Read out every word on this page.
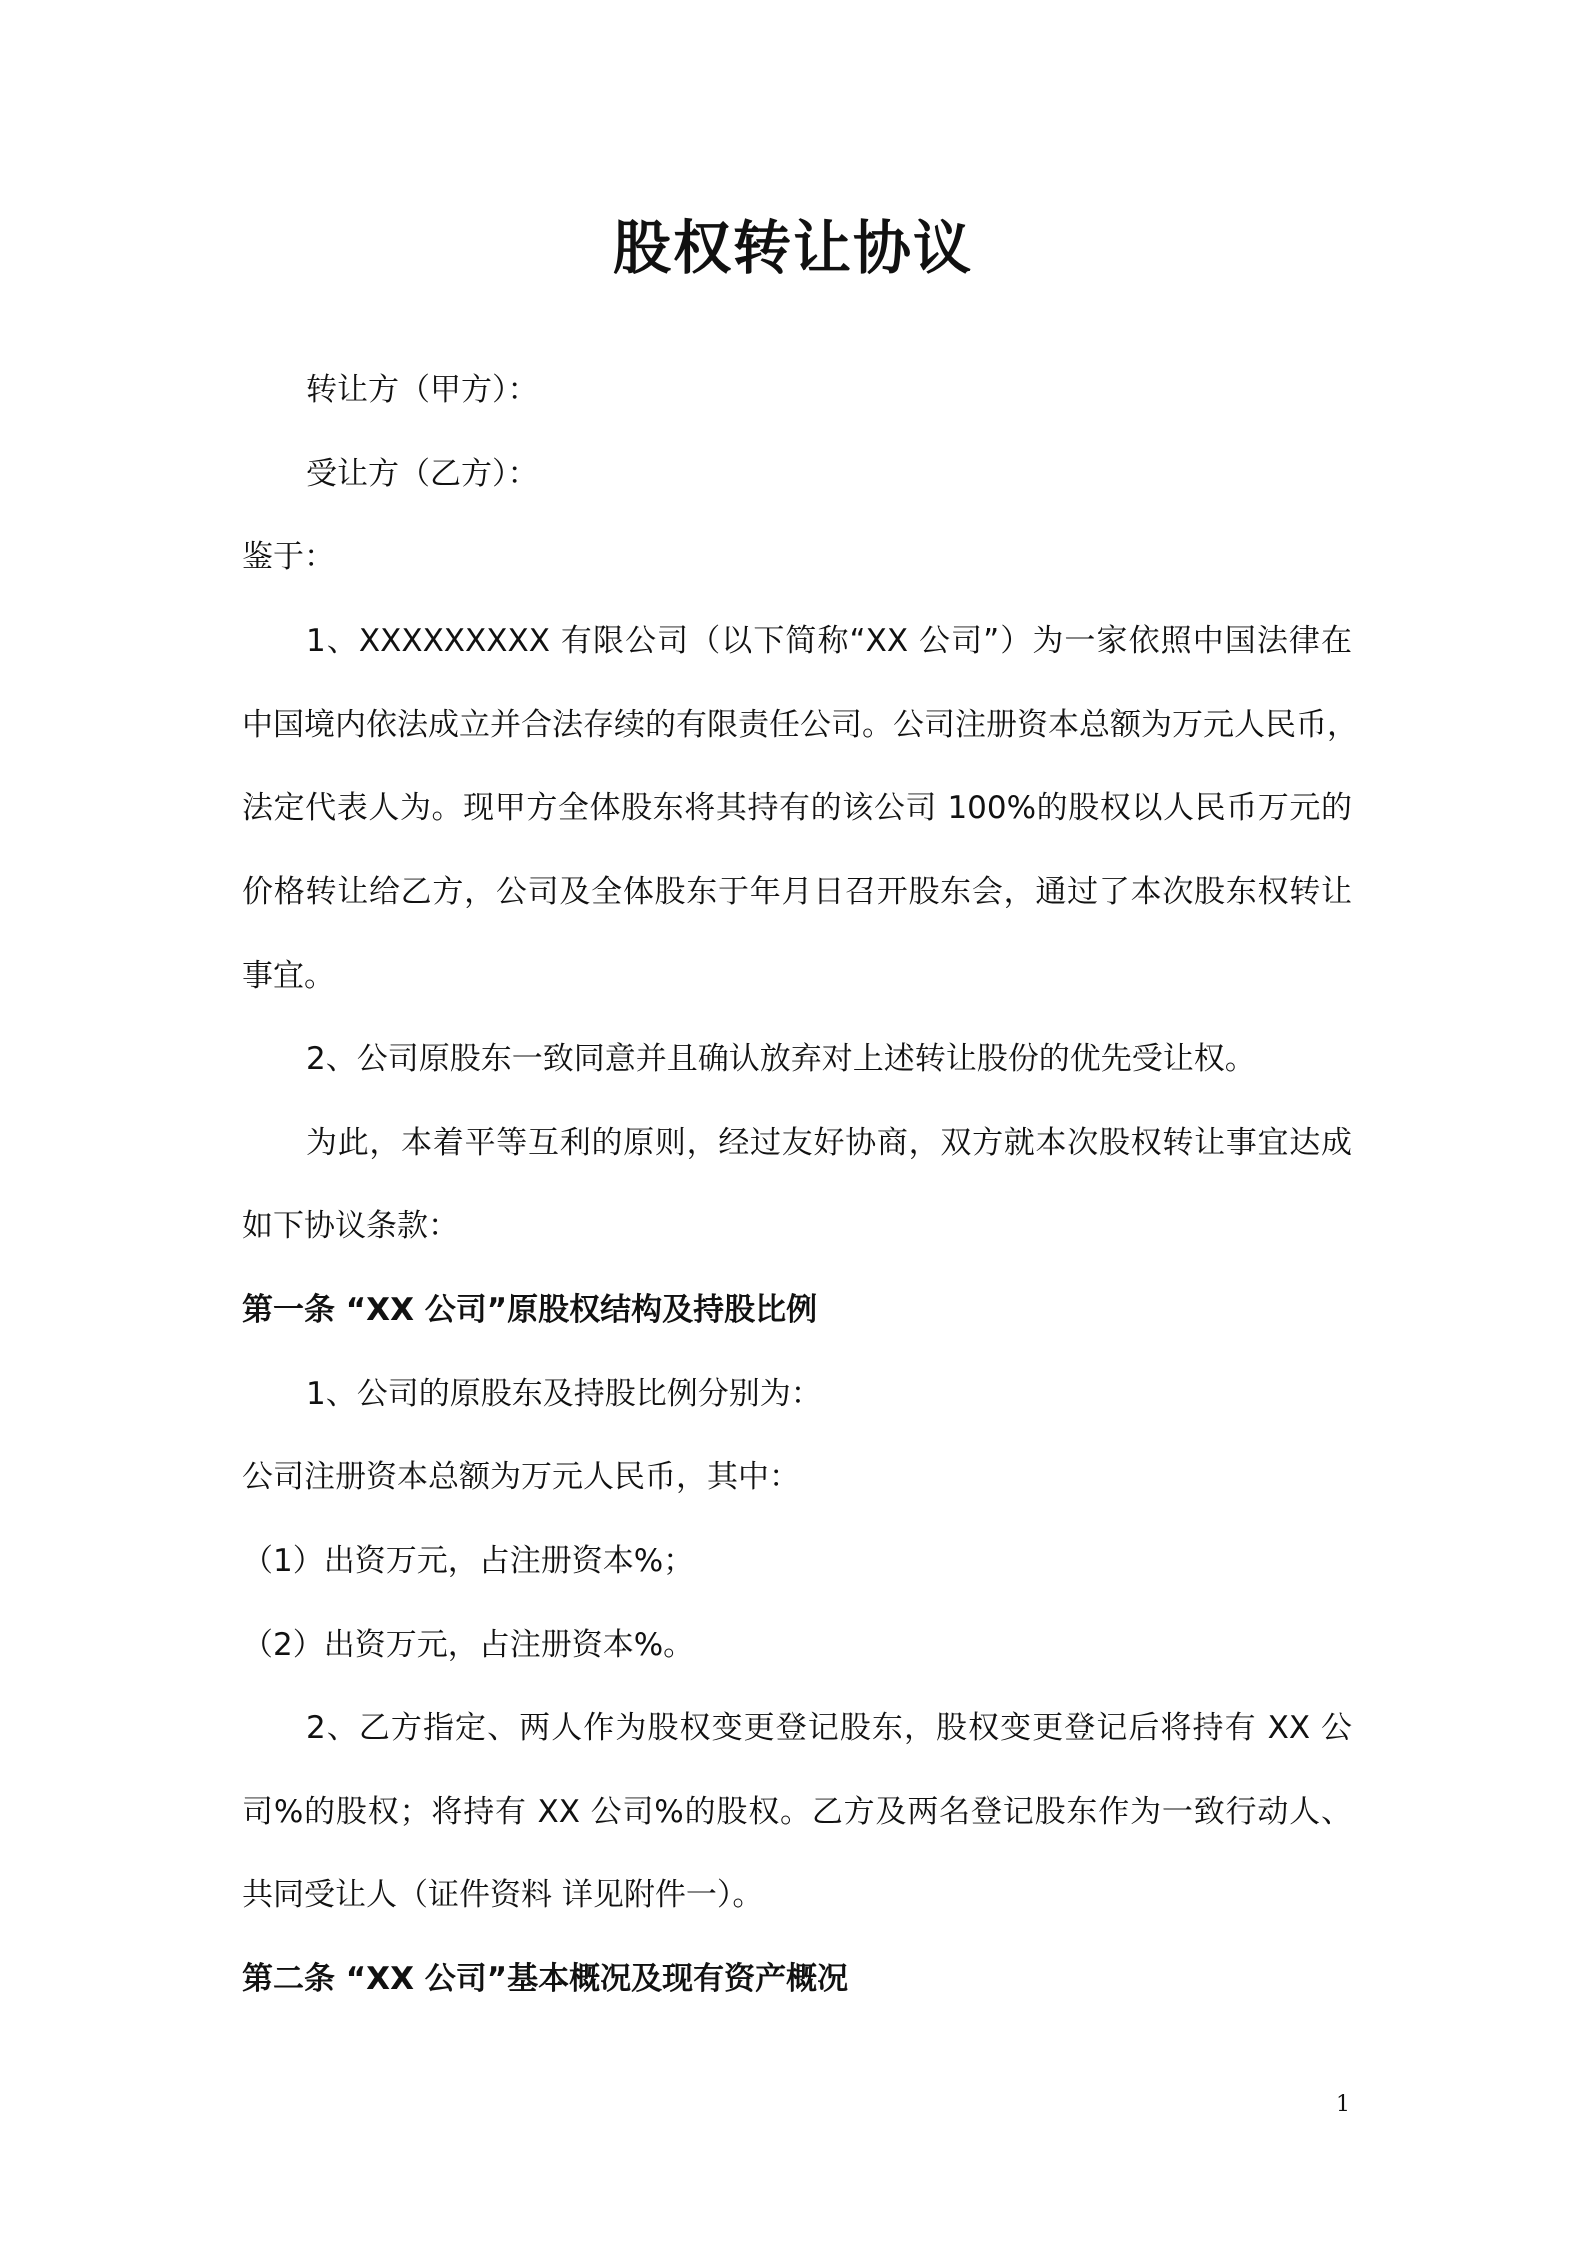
股权转让协议
转让方（甲方）：
受让方（乙方）：
鉴于：
1、XXXXXXXXX 有限公司（以下简称“XX 公司”）为一家依照中国法律在
中国境内依法成立并合法存续的有限责任公司。公司注册资本总额为万元人民币，
法定代表人为。现甲方全体股东将其持有的该公司 100%的股权以人民币万元的
价格转让给乙方，公司及全体股东于年月日召开股东会，通过了本次股东权转让
事宜。
2、公司原股东一致同意并且确认放弃对上述转让股份的优先受让权。
为此，本着平等互利的原则，经过友好协商，双方就本次股权转让事宜达成
如下协议条款：
第一条 “XX 公司”原股权结构及持股比例
1、公司的原股东及持股比例分别为：
公司注册资本总额为万元人民币，其中：
（1）出资万元，占注册资本%；
（2）出资万元，占注册资本%。
2、乙方指定、两人作为股权变更登记股东，股权变更登记后将持有 XX 公
司%的股权；将持有 XX 公司%的股权。乙方及两名登记股东作为一致行动人、
共同受让人（证件资料 详见附件一）。
第二条 “XX 公司”基本概况及现有资产概况
1
